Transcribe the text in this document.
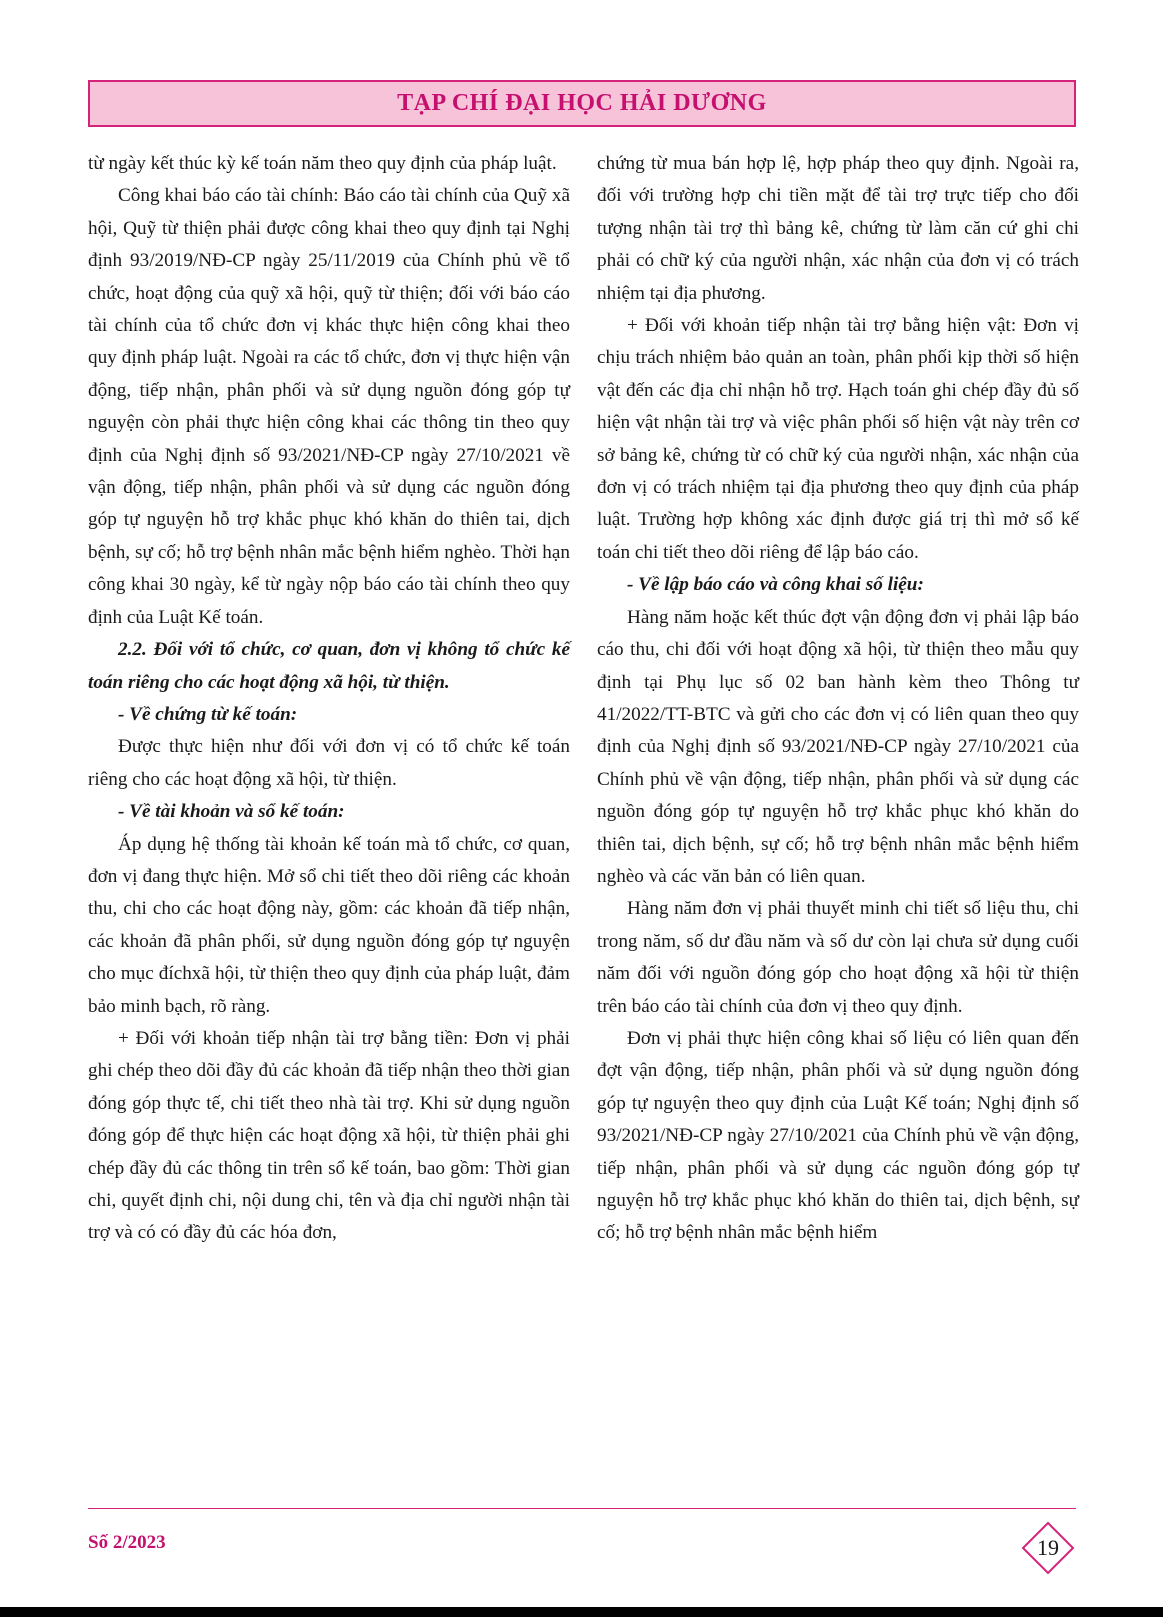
TẠP CHÍ ĐẠI HỌC HẢI DƯƠNG

từ ngày kết thúc kỳ kế toán năm theo quy định của pháp luật.

Công khai báo cáo tài chính: Báo cáo tài chính của Quỹ xã hội, Quỹ từ thiện phải được công khai theo quy định tại Nghị định 93/2019/NĐ-CP ngày 25/11/2019 của Chính phủ về tổ chức, hoạt động của quỹ xã hội, quỹ từ thiện; đối với báo cáo tài chính của tổ chức đơn vị khác thực hiện công khai theo quy định pháp luật. Ngoài ra các tổ chức, đơn vị thực hiện vận động, tiếp nhận, phân phối và sử dụng nguồn đóng góp tự nguyện còn phải thực hiện công khai các thông tin theo quy định của Nghị định số 93/2021/NĐ-CP ngày 27/10/2021 về vận động, tiếp nhận, phân phối và sử dụng các nguồn đóng góp tự nguyện hỗ trợ khắc phục khó khăn do thiên tai, dịch bệnh, sự cố; hỗ trợ bệnh nhân mắc bệnh hiểm nghèo. Thời hạn công khai 30 ngày, kể từ ngày nộp báo cáo tài chính theo quy định của Luật Kế toán.

2.2. Đối với tổ chức, cơ quan, đơn vị không tổ chức kế toán riêng cho các hoạt động xã hội, từ thiện.

- Về chứng từ kế toán:

Được thực hiện như đối với đơn vị có tổ chức kế toán riêng cho các hoạt động xã hội, từ thiện.

- Về tài khoản và sổ kế toán:

Áp dụng hệ thống tài khoản kế toán mà tổ chức, cơ quan, đơn vị đang thực hiện. Mở sổ chi tiết theo dõi riêng các khoản thu, chi cho các hoạt động này, gồm: các khoản đã tiếp nhận, các khoản đã phân phối, sử dụng nguồn đóng góp tự nguyện cho mục đíchxã hội, từ thiện theo quy định của pháp luật, đảm bảo minh bạch, rõ ràng.

+ Đối với khoản tiếp nhận tài trợ bằng tiền: Đơn vị phải ghi chép theo dõi đầy đủ các khoản đã tiếp nhận theo thời gian đóng góp thực tế, chi tiết theo nhà tài trợ. Khi sử dụng nguồn đóng góp để thực hiện các hoạt động xã hội, từ thiện phải ghi chép đầy đủ các thông tin trên sổ kế toán, bao gồm: Thời gian chi, quyết định chi, nội dung chi, tên và địa chỉ người nhận tài trợ và có có đầy đủ các hóa đơn,

chứng từ mua bán hợp lệ, hợp pháp theo quy định. Ngoài ra, đối với trường hợp chi tiền mặt để tài trợ trực tiếp cho đối tượng nhận tài trợ thì bảng kê, chứng từ làm căn cứ ghi chi phải có chữ ký của người nhận, xác nhận của đơn vị có trách nhiệm tại địa phương.

+ Đối với khoản tiếp nhận tài trợ bằng hiện vật: Đơn vị chịu trách nhiệm bảo quản an toàn, phân phối kịp thời số hiện vật đến các địa chỉ nhận hỗ trợ. Hạch toán ghi chép đầy đủ số hiện vật nhận tài trợ và việc phân phối số hiện vật này trên cơ sở bảng kê, chứng từ có chữ ký của người nhận, xác nhận của đơn vị có trách nhiệm tại địa phương theo quy định của pháp luật. Trường hợp không xác định được giá trị thì mở sổ kế toán chi tiết theo dõi riêng để lập báo cáo.

- Về lập báo cáo và công khai số liệu:

Hàng năm hoặc kết thúc đợt vận động đơn vị phải lập báo cáo thu, chi đối với hoạt động xã hội, từ thiện theo mẫu quy định tại Phụ lục số 02 ban hành kèm theo Thông tư 41/2022/TT-BTC và gửi cho các đơn vị có liên quan theo quy định của Nghị định số 93/2021/NĐ-CP ngày 27/10/2021 của Chính phủ về vận động, tiếp nhận, phân phối và sử dụng các nguồn đóng góp tự nguyện hỗ trợ khắc phục khó khăn do thiên tai, dịch bệnh, sự cố; hỗ trợ bệnh nhân mắc bệnh hiểm nghèo và các văn bản có liên quan.

Hàng năm đơn vị phải thuyết minh chi tiết số liệu thu, chi trong năm, số dư đầu năm và số dư còn lại chưa sử dụng cuối năm đối với nguồn đóng góp cho hoạt động xã hội từ thiện trên báo cáo tài chính của đơn vị theo quy định.

Đơn vị phải thực hiện công khai số liệu có liên quan đến đợt vận động, tiếp nhận, phân phối và sử dụng nguồn đóng góp tự nguyện theo quy định của Luật Kế toán; Nghị định số 93/2021/NĐ-CP ngày 27/10/2021 của Chính phủ về vận động, tiếp nhận, phân phối và sử dụng các nguồn đóng góp tự nguyện hỗ trợ khắc phục khó khăn do thiên tai, dịch bệnh, sự cố; hỗ trợ bệnh nhân mắc bệnh hiểm

Số 2/2023	19
